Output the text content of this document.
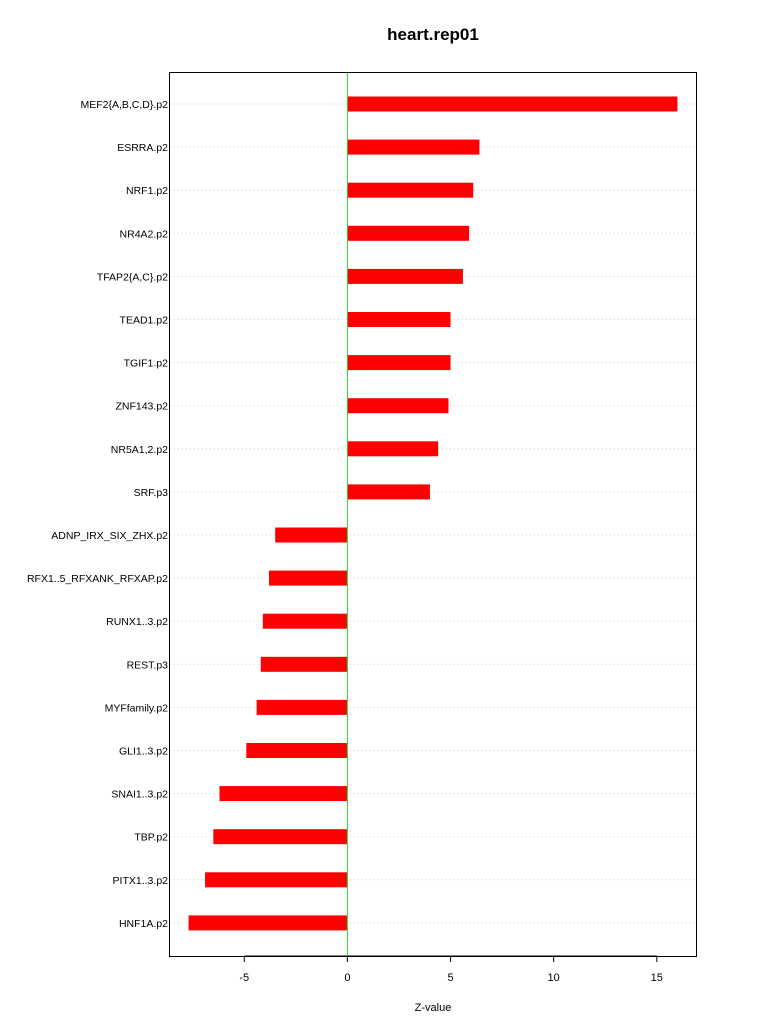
heart.rep01
-5	0	5	10	15
MEF2{A,B,C,D}.p2
ESRRA.p2
NRF1.p2
NR4A2.p2
TFAP2{A,C}.p2
TEAD1.p2
TGIF1.p2
ZNF143.p2
NR5A1,2.p2
SRF.p3
ADNP_IRX_SIX_ZHX.p2
RFX1..5_RFXANK_RFXAP.p2
RUNX1..3.p2
REST.p3
MYFfamily.p2
GLI1..3.p2
SNAI1..3.p2
TBP.p2
PITX1..3.p2
HNF1A.p2
Z-value
